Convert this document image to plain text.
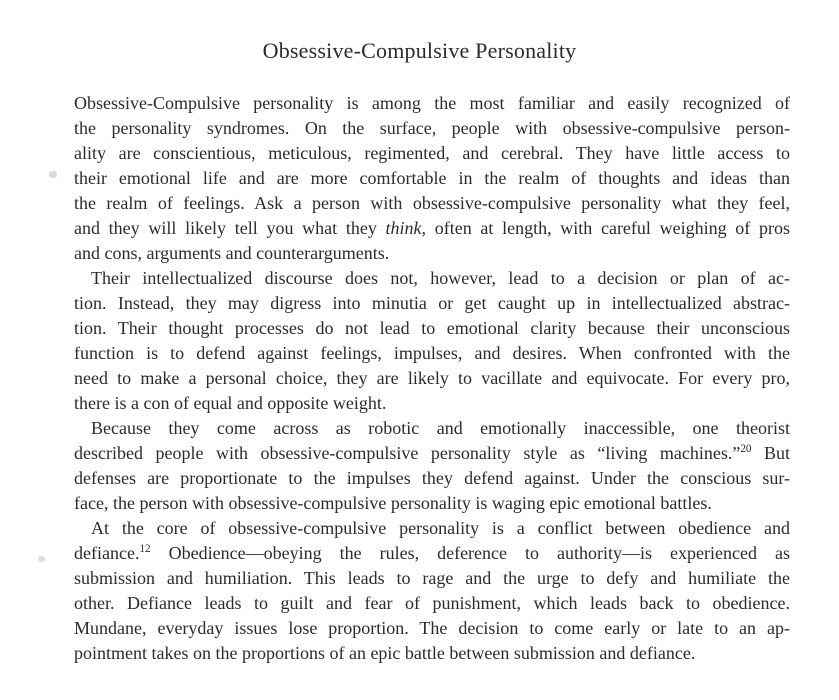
Obsessive-Compulsive Personality
Obsessive-Compulsive personality is among the most familiar and easily recognized of
the personality syndromes. On the surface, people with obsessive-compulsive person-
ality are conscientious, meticulous, regimented, and cerebral. They have little access to
their emotional life and are more comfortable in the realm of thoughts and ideas than
the realm of feelings. Ask a person with obsessive-compulsive personality what they feel,
and they will likely tell you what they think, often at length, with careful weighing of pros
and cons, arguments and counterarguments.
Their intellectualized discourse does not, however, lead to a decision or plan of ac-
tion. Instead, they may digress into minutia or get caught up in intellectualized abstrac-
tion. Their thought processes do not lead to emotional clarity because their unconscious
function is to defend against feelings, impulses, and desires. When confronted with the
need to make a personal choice, they are likely to vacillate and equivocate. For every pro,
there is a con of equal and opposite weight.
Because they come across as robotic and emotionally inaccessible, one theorist
described people with obsessive-compulsive personality style as “living machines.”$^{20}$ But
defenses are proportionate to the impulses they defend against. Under the conscious sur-
face, the person with obsessive-compulsive personality is waging epic emotional battles.
At the core of obsessive-compulsive personality is a conflict between obedience and
defiance.$^{12}$ Obedience—obeying the rules, deference to authority—is experienced as
submission and humiliation. This leads to rage and the urge to defy and humiliate the
other. Defiance leads to guilt and fear of punishment, which leads back to obedience.
Mundane, everyday issues lose proportion. The decision to come early or late to an ap-
pointment takes on the proportions of an epic battle between submission and defiance.
